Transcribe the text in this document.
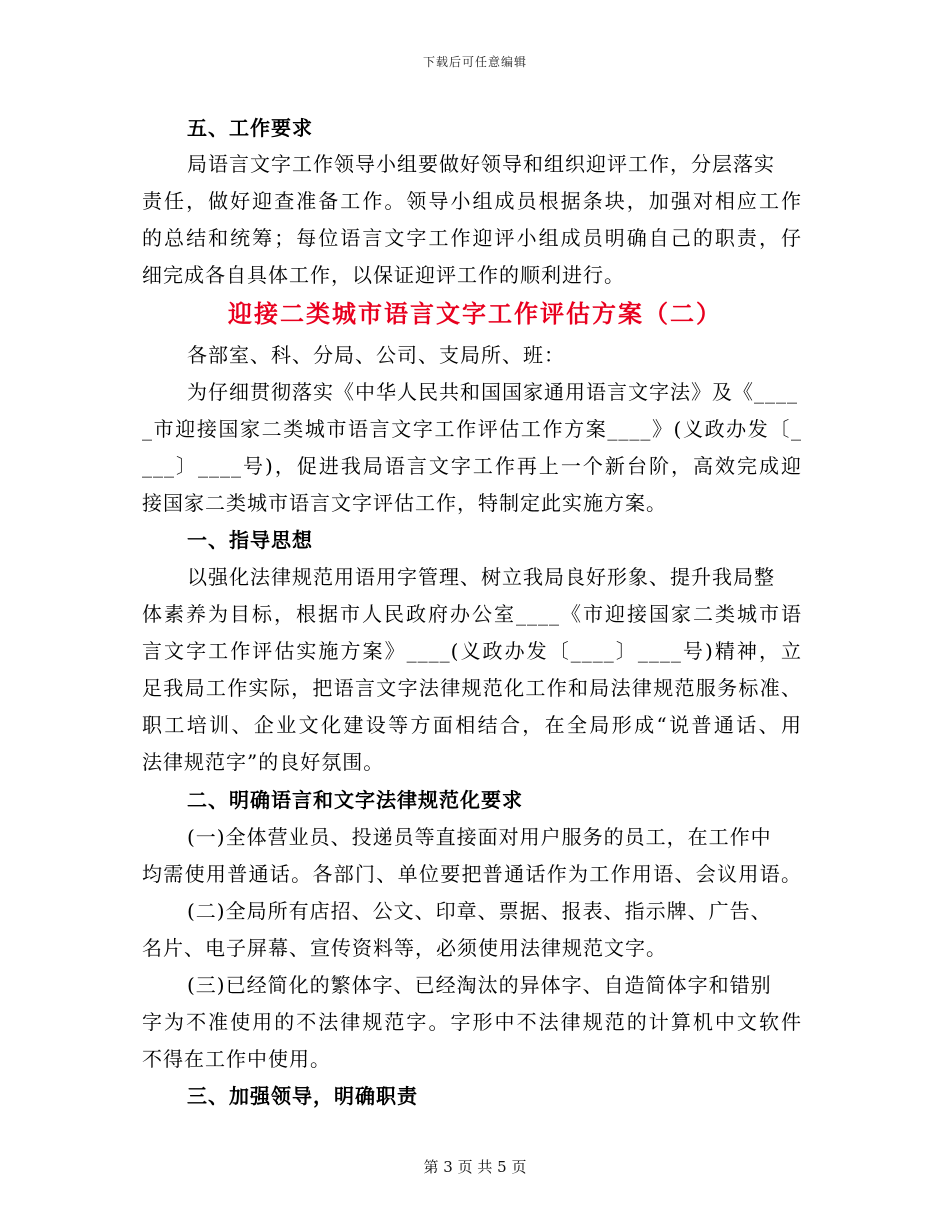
下载后可任意编辑
迎接二类城市语言文字工作评估方案（二）
五、工作要求
局语言文字工作领导小组要做好领导和组织迎评工作，分层落实
责任，做好迎查准备工作。领导小组成员根据条块，加强对相应工作
的总结和统筹；每位语言文字工作迎评小组成员明确自己的职责，仔
细完成各自具体工作，以保证迎评工作的顺利进行。
各部室、科、分局、公司、支局所、班：
为仔细贯彻落实《中华人民共和国国家通用语言文字法》及《____
_市迎接国家二类城市语言文字工作评估工作方案____》(义政办发〔_
___〕____号)，促进我局语言文字工作再上一个新台阶，高效完成迎
接国家二类城市语言文字评估工作，特制定此实施方案。
一、指导思想
以强化法律规范用语用字管理、树立我局良好形象、提升我局整
体素养为目标，根据市人民政府办公室____《市迎接国家二类城市语
言文字工作评估实施方案》____(义政办发〔____〕____号)精神，立
足我局工作实际，把语言文字法律规范化工作和局法律规范服务标准、
职工培训、企业文化建设等方面相结合，在全局形成“说普通话、用
法律规范字”的良好氛围。
二、明确语言和文字法律规范化要求
(一)全体营业员、投递员等直接面对用户服务的员工，在工作中
均需使用普通话。各部门、单位要把普通话作为工作用语、会议用语。
(二)全局所有店招、公文、印章、票据、报表、指示牌、广告、
名片、电子屏幕、宣传资料等，必须使用法律规范文字。
(三)已经简化的繁体字、已经淘汰的异体字、自造简体字和错别
字为不准使用的不法律规范字。字形中不法律规范的计算机中文软件
不得在工作中使用。
三、加强领导，明确职责
第 3 页 共 5 页
